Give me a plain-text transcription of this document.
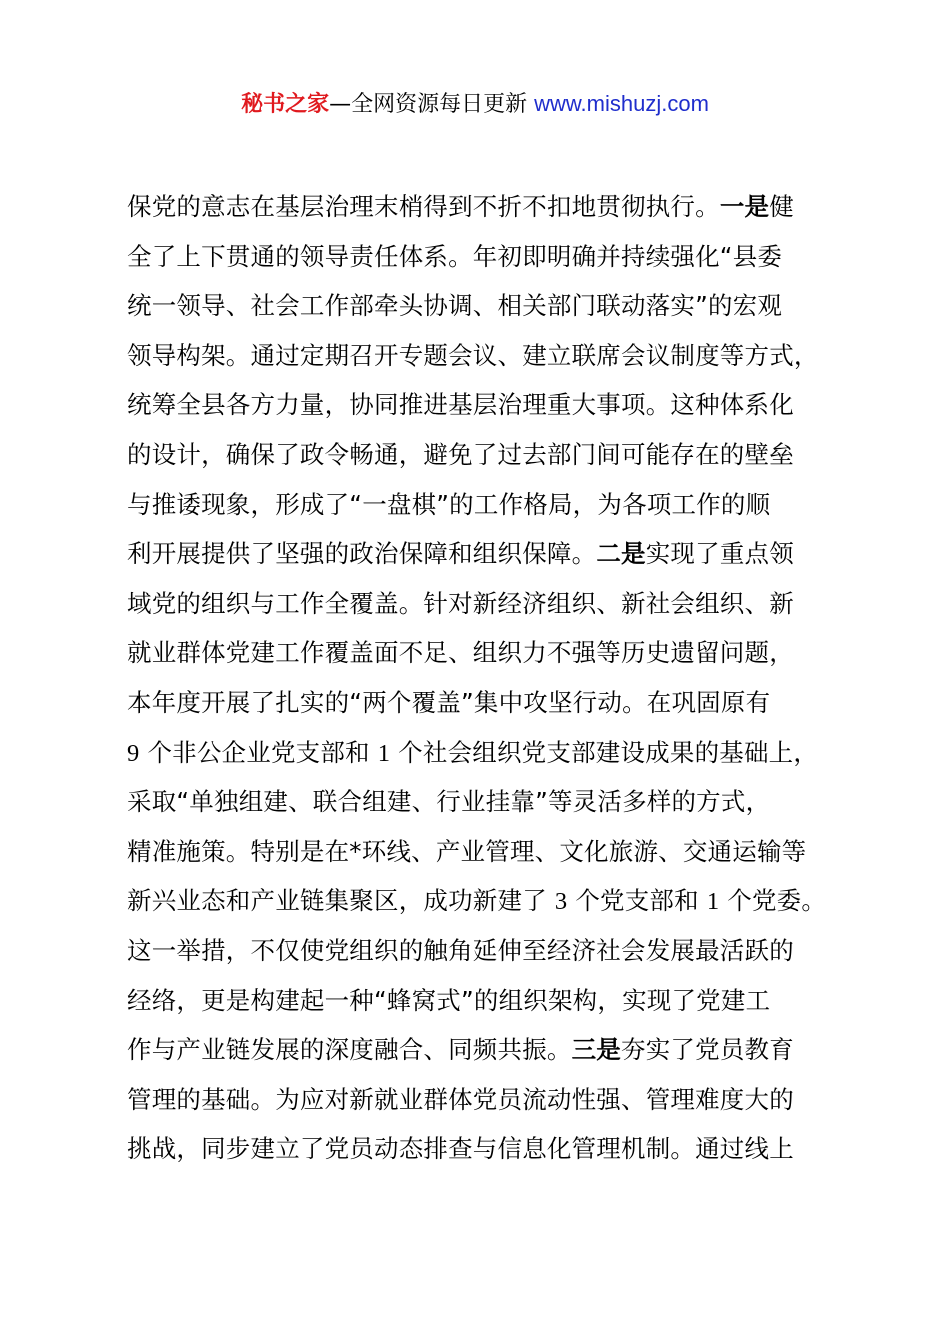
秘书之家—全网资源每日更新 www.mishuzj.com
保党的意志在基层治理末梢得到不折不扣地贯彻执行。一是健
全了上下贯通的领导责任体系。年初即明确并持续强化“县委
统一领导、社会工作部牵头协调、相关部门联动落实”的宏观
领导构架。通过定期召开专题会议、建立联席会议制度等方式，
统筹全县各方力量，协同推进基层治理重大事项。这种体系化
的设计，确保了政令畅通，避免了过去部门间可能存在的壁垒
与推诿现象，形成了“一盘棋”的工作格局，为各项工作的顺
利开展提供了坚强的政治保障和组织保障。二是实现了重点领
域党的组织与工作全覆盖。针对新经济组织、新社会组织、新
就业群体党建工作覆盖面不足、组织力不强等历史遗留问题，
本年度开展了扎实的“两个覆盖”集中攻坚行动。在巩固原有
9 个非公企业党支部和 1 个社会组织党支部建设成果的基础上，
采取“单独组建、联合组建、行业挂靠”等灵活多样的方式，
精准施策。特别是在*环线、产业管理、文化旅游、交通运输等
新兴业态和产业链集聚区，成功新建了 3 个党支部和 1 个党委。
这一举措，不仅使党组织的触角延伸至经济社会发展最活跃的
经络，更是构建起一种“蜂窝式”的组织架构，实现了党建工
作与产业链发展的深度融合、同频共振。三是夯实了党员教育
管理的基础。为应对新就业群体党员流动性强、管理难度大的
挑战，同步建立了党员动态排查与信息化管理机制。通过线上
